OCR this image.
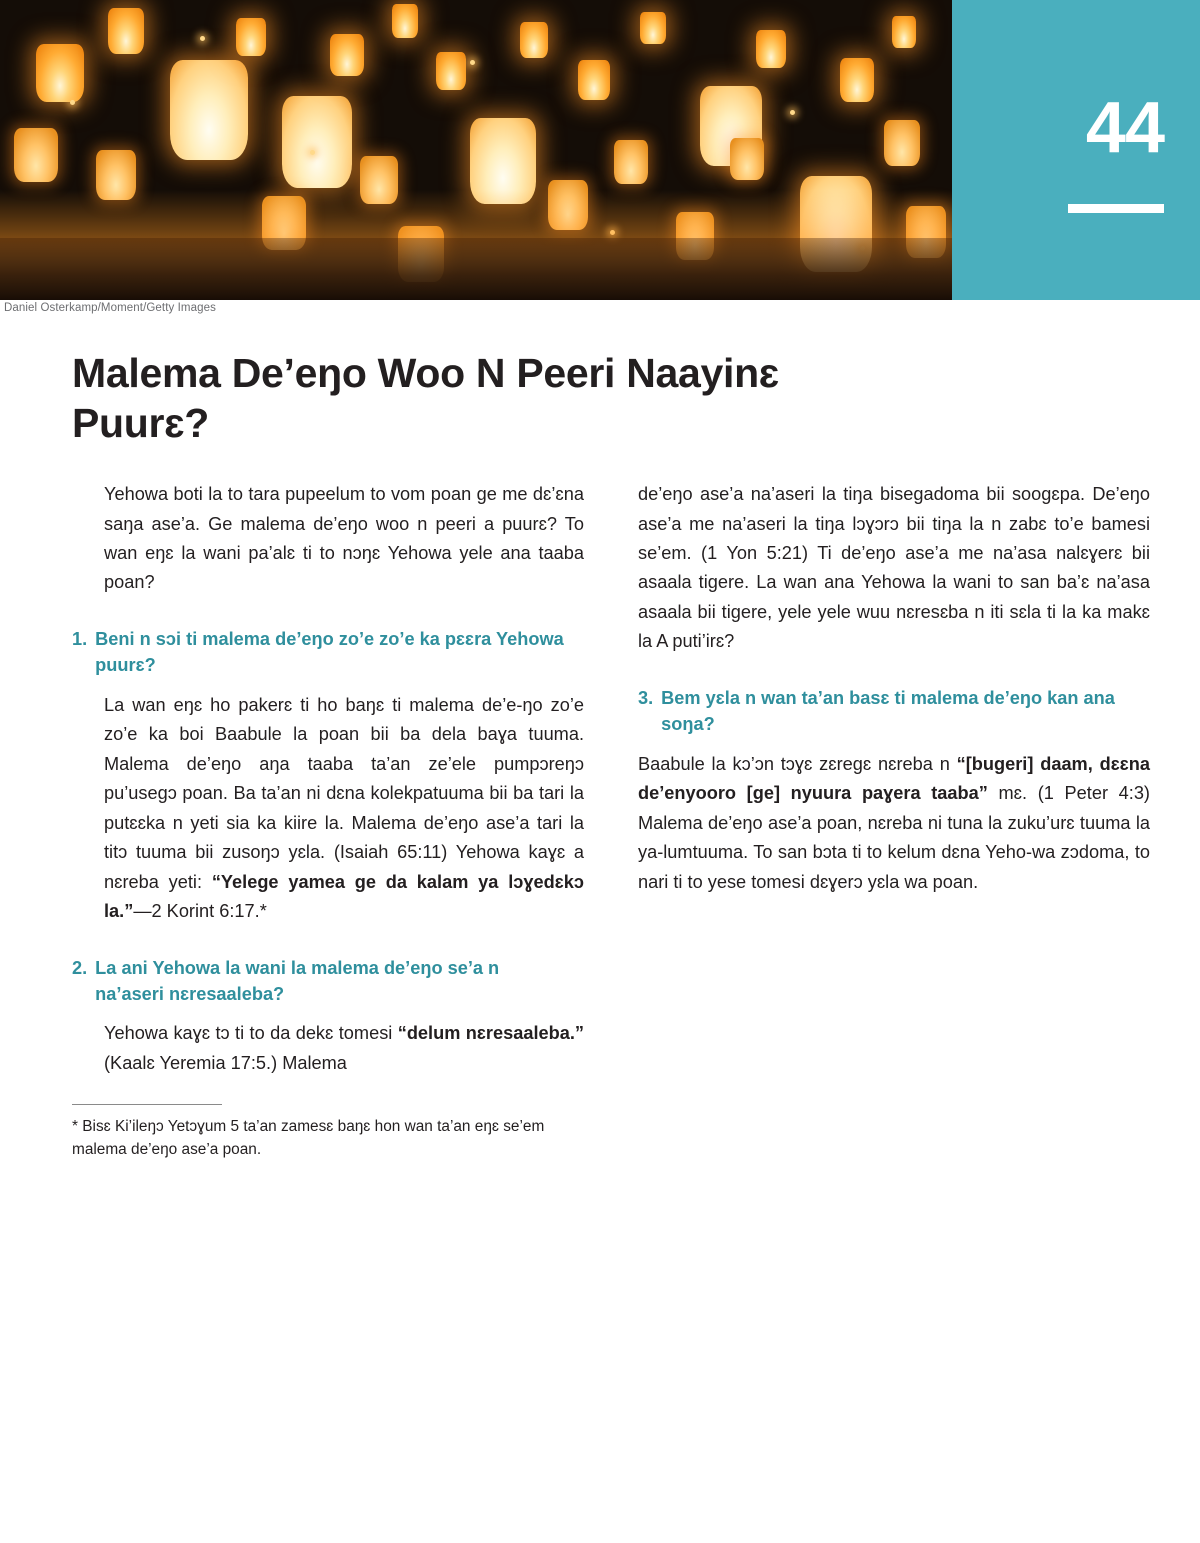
44
Daniel Osterkamp/Moment/Getty Images
Malema De’eŋo Woo N Peeri Naayinɛ Puurɛ?

Yehowa boti la to tara pupeelum to vom poan ge me dɛ’ɛna saŋa ase’a. Ge malema de’eŋo woo n peeri a puurɛ? To wan eŋɛ la wani pa’alɛ ti to nɔŋɛ Yehowa yele ana taaba poan?

1. Beni n sɔi ti malema de’eŋo zo’e zo’e ka pɛɛra Yehowa puurɛ?

La wan eŋɛ ho pakerɛ ti ho baŋɛ ti malema de’e-ŋo zo’e zo’e ka boi Baabule la poan bii ba dela baɣa tuuma. Malema de’eŋo aŋa taaba ta’an ze’ele pumpɔreŋɔ pu’usegɔ poan. Ba ta’an ni dɛna kolekpatuuma bii ba tari la putɛɛka n yeti sia ka kiire la. Malema de’eŋo ase’a tari la titɔ tuuma bii zusoŋɔ yɛla. (Isaiah 65:11) Yehowa kaɣɛ a nɛreba yeti: “Yelege yamea ge da kalam ya lɔɣedɛkɔ la.”—2 Korint 6:17.*

2. La ani Yehowa la wani la malema de’eŋo se’a n na’aseri nɛresaaleba?

Yehowa kaɣɛ tɔ ti to da dekɛ tomesi “delum nɛresaaleba.” (Kaalɛ Yeremia 17:5.) Malema

* Bisɛ Ki’ileŋɔ Yetɔɣum 5 ta’an zamesɛ baŋɛ hon wan ta’an eŋɛ se’em malema de’eŋo ase’a poan.

de’eŋo ase’a na’aseri la tiŋa bisegadoma bii soogɛpa. De’eŋo ase’a me na’aseri la tiŋa lɔɣɔrɔ bii tiŋa la n zabɛ to’e bamesi se’em. (1 Yon 5:21) Ti de’eŋo ase’a me na’asa nalɛɣerɛ bii asaala tigere. La wan ana Yehowa la wani to san ba’ɛ na’asa asaala bii tigere, yele yele wuu nɛresɛba n iti sɛla ti la ka makɛ la A puti’irɛ?

3. Bem yɛla n wan ta’an basɛ ti malema de’eŋo kan ana soŋa?

Baabule la kɔ’ɔn tɔɣɛ zɛregɛ nɛreba n “[bugeri] daam, dɛɛna de’enyooro [ge] nyuura paɣera taaba” mɛ. (1 Peter 4:3) Malema de’eŋo ase’a poan, nɛreba ni tuna la zuku’urɛ tuuma la ya-lumtuuma. To san bɔta ti to kelum dɛna Yeho-wa zɔdoma, to nari ti to yese tomesi dɛɣerɔ yɛla wa poan.
